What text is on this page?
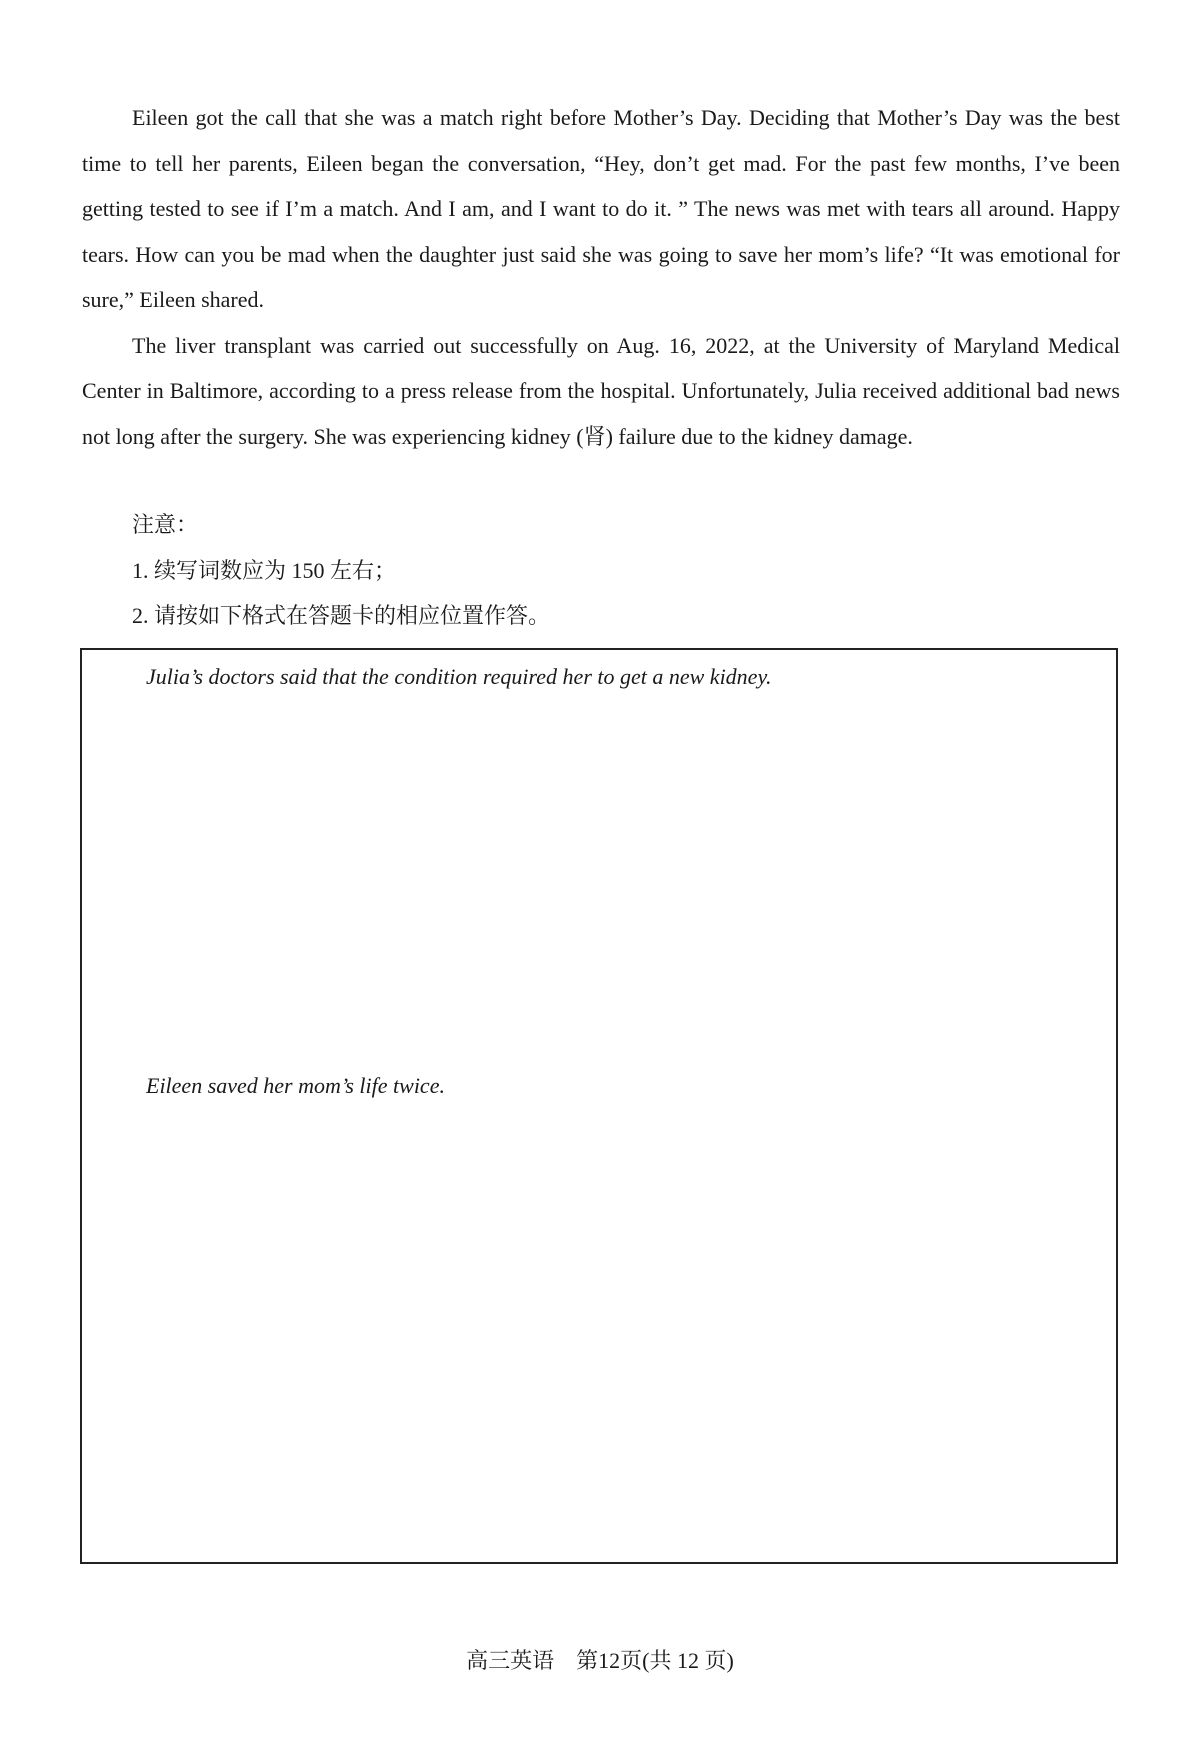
Eileen got the call that she was a match right before Mother’s Day. Deciding that Mother’s Day was the best time to tell her parents, Eileen began the conversation, “Hey, don’t get mad. For the past few months, I’ve been getting tested to see if I’m a match. And I am, and I want to do it. ” The news was met with tears all around. Happy tears. How can you be mad when the daughter just said she was going to save her mom’s life? “It was emotional for sure,” Eileen shared.

The liver transplant was carried out successfully on Aug. 16, 2022, at the University of Maryland Medical Center in Baltimore, according to a press release from the hospital. Unfortunately, Julia received additional bad news not long after the surgery. She was experiencing kidney (肾) failure due to the kidney damage.

注意：
1. 续写词数应为 150 左右；
2. 请按如下格式在答题卡的相应位置作答。
Julia’s doctors said that the condition required her to get a new kidney.
Eileen saved her mom’s life twice.
高三英语　第12页(共 12 页)
